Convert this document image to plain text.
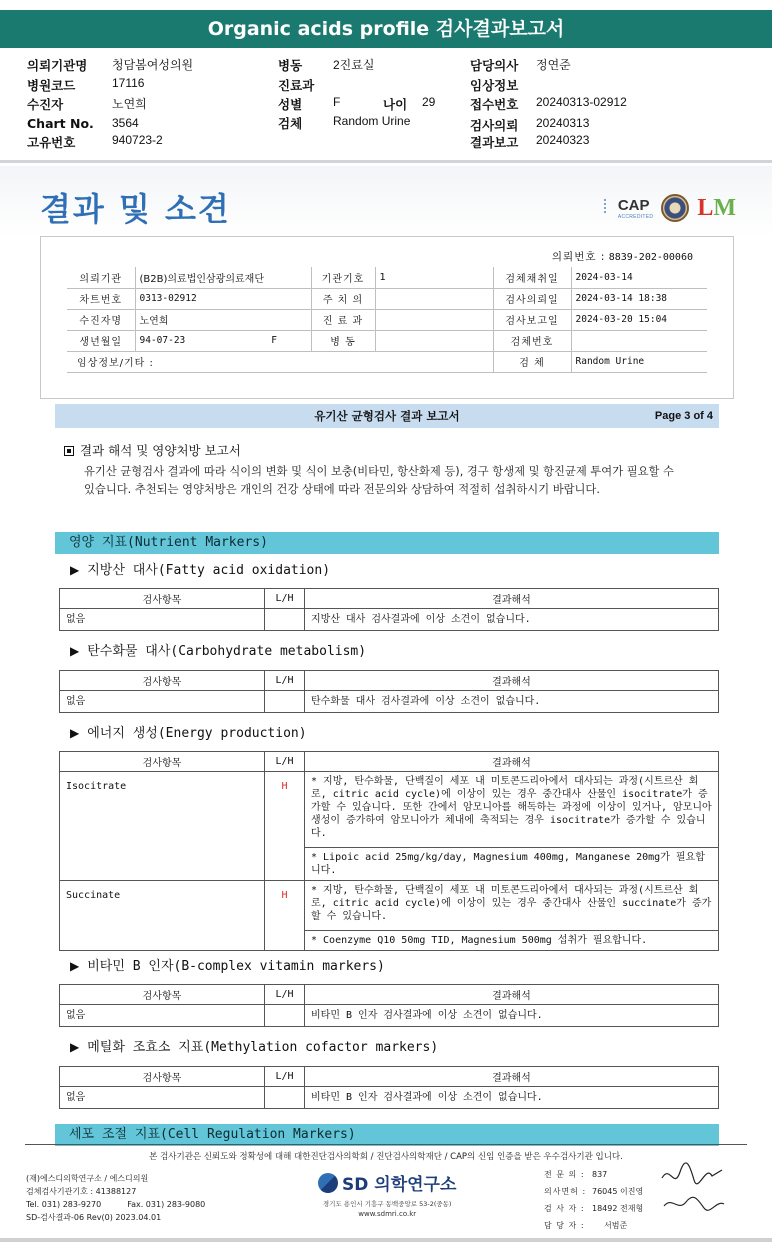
Organic acids profile 검사결과보고서
의뢰기관명 청담봄여성의원
병원코드	17116
수진자	노연희
Chart No. 3564
고유번호	940723-2
병동	2진료실
진료과
성별	F	나이 29
검체	Random Urine
담당의사 정연준
임상정보
접수번호 20240313-02912
검사의뢰 20240313
결과보고 20240323
결과 및 소견	CAP
ACCREDITED LM
의뢰번호 : 8839-202-00060
의뢰기관	(B2B)의료법인삼광의료재단	기관기호	1	검체채취일	2024-03-14
차트번호	0313-02912	주 치 의		검사의뢰일	2024-03-14 18:38
수진자명	노연희	진 료 과		검사보고일	2024-03-20 15:04
생년월일	94-07-23 F	병 동		검체번호	
임상정보/기타 :				검 체	Random Urine
유기산 균형검사 결과 보고서	Page 3 of 4
결과 해석 및 영양처방 보고서
유기산 균형검사 결과에 따라 식이의 변화 및 식이 보충(비타민, 항산화제 등), 경구 항생제 및 항진균제 투여가 필요할 수 있습니다. 추천되는 영양처방은 개인의 건강 상태에 따라 전문의와 상담하여 적절히 섭취하시기 바랍니다.
영양 지표(Nutrient Markers)
▶ 지방산 대사(Fatty acid oxidation)
검사항목	L/H	결과해석
없음		지방산 대사 검사결과에 이상 소견이 없습니다.
▶ 탄수화물 대사(Carbohydrate metabolism)
검사항목	L/H	결과해석
없음		탄수화물 대사 검사결과에 이상 소견이 없습니다.
▶ 에너지 생성(Energy production)
검사항목	L/H	결과해석
Isocitrate	H	* 지방, 탄수화물, 단백질이 세포 내 미토콘드리아에서 대사되는 과정(시트르산 회로, citric acid cycle)에 이상이 있는 경우 중간대사 산물인 isocitrate가 증가할 수 있습니다. 또한 간에서 암모니아를 해독하는 과정에 이상이 있거나, 암모니아 생성이 증가하여 암모니아가 체내에 축적되는 경우 isocitrate가 증가할 수 있습니다.
		* Lipoic acid 25mg/kg/day, Magnesium 400mg, Manganese 20mg가 필요합니다.
Succinate	H	* 지방, 탄수화물, 단백질이 세포 내 미토콘드리아에서 대사되는 과정(시트르산 회로, citric acid cycle)에 이상이 있는 경우 중간대사 산물인 succinate가 증가할 수 있습니다.
		* Coenzyme Q10 50mg TID, Magnesium 500mg 섭취가 필요합니다.
▶ 비타민 B 인자(B-complex vitamin markers)
검사항목	L/H	결과해석
없음		비타민 B 인자 검사결과에 이상 소견이 없습니다.
▶ 메틸화 조효소 지표(Methylation cofactor markers)
검사항목	L/H	결과해석
없음		비타민 B 인자 검사결과에 이상 소견이 없습니다.
세포 조절 지표(Cell Regulation Markers)
본 검사기관은 신뢰도와 정확성에 대해 대한진단검사의학회 / 진단검사의학재단 / CAP의 신임 인증을 받은 우수검사기관 입니다.
(재)에스디의학연구소 / 에스디의원
검체검사기관기호 : 41388127
Tel. 031) 283-9270	Fax. 031) 283-9080
SD-검사결과-06 Rev(0) 2023.04.01
SD 의학연구소
경기도 용인시 기흥구 동백중앙로 53-2(중동)
www.sdmri.co.kr
전 문 의 : 837
의사면허 : 76045 이진영
검 사 자 : 18492 전재형
담 당 자 : 서범준
